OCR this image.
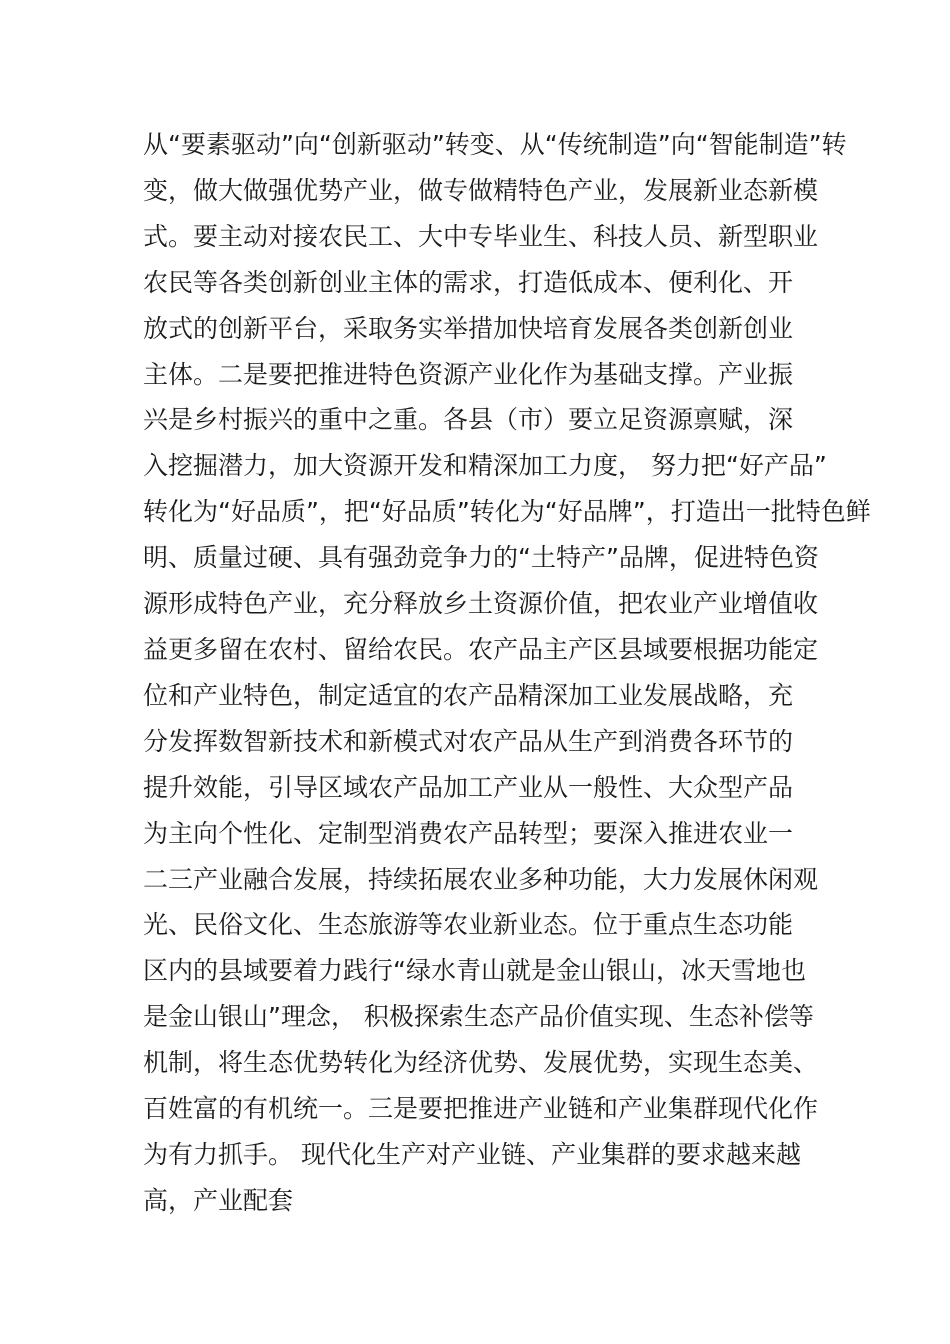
从“要素驱动”向“创新驱动”转变、从“传统制造”向“智能制造”转
变，做大做强优势产业，做专做精特色产业，发展新业态新模
式。要主动对接农民工、大中专毕业生、科技人员、新型职业
农民等各类创新创业主体的需求，打造低成本、便利化、开
放式的创新平台，采取务实举措加快培育发展各类创新创业
主体。二是要把推进特色资源产业化作为基础支撑。产业振
兴是乡村振兴的重中之重。各县（市）要立足资源禀赋，深
入挖掘潜力，加大资源开发和精深加工力度， 努力把“好产品”
转化为“好品质”，把“好品质”转化为“好品牌”，打造出一批特色鲜
明、质量过硬、具有强劲竞争力的“土特产”品牌，促进特色资
源形成特色产业，充分释放乡土资源价值，把农业产业增值收
益更多留在农村、留给农民。农产品主产区县域要根据功能定
位和产业特色，制定适宜的农产品精深加工业发展战略，充
分发挥数智新技术和新模式对农产品从生产到消费各环节的
提升效能，引导区域农产品加工产业从一般性、大众型产品
为主向个性化、定制型消费农产品转型；要深入推进农业一
二三产业融合发展，持续拓展农业多种功能，大力发展休闲观
光、民俗文化、生态旅游等农业新业态。位于重点生态功能
区内的县域要着力践行“绿水青山就是金山银山，冰天雪地也
是金山银山”理念， 积极探索生态产品价值实现、生态补偿等
机制，将生态优势转化为经济优势、发展优势，实现生态美、
百姓富的有机统一。三是要把推进产业链和产业集群现代化作
为有力抓手。 现代化生产对产业链、产业集群的要求越来越
高，产业配套
